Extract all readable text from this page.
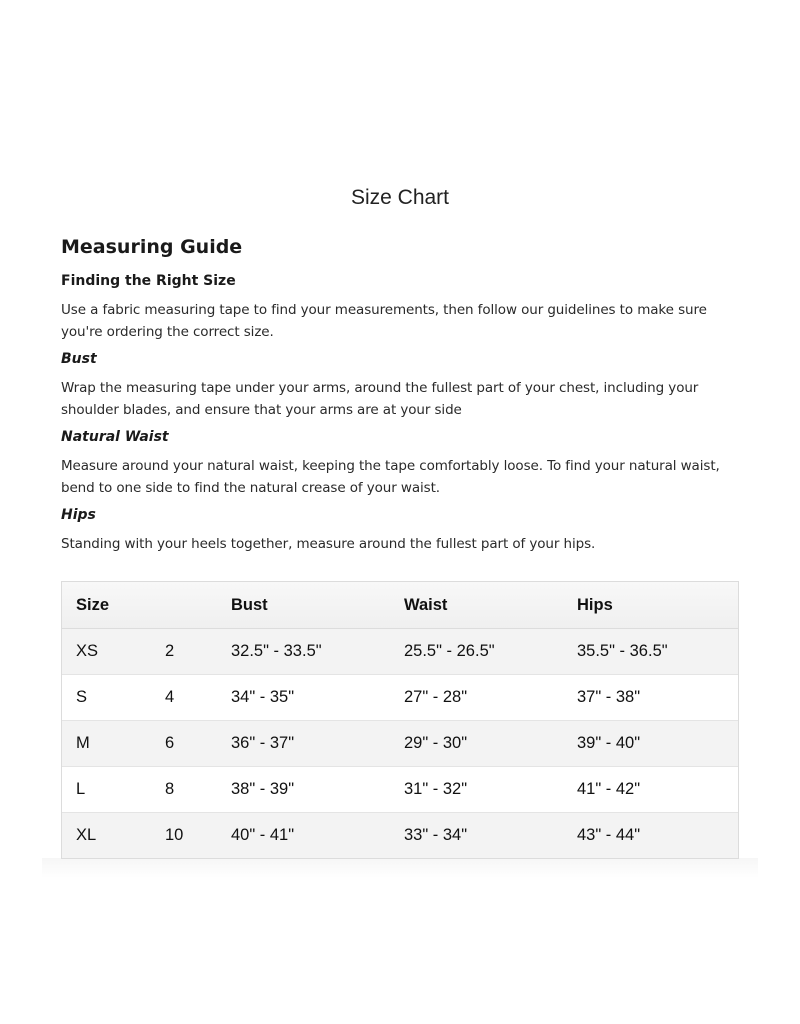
Size Chart
Measuring Guide
Finding the Right Size

Use a fabric measuring tape to find your measurements, then follow our guidelines to make sure you're ordering the correct size.

Bust

Wrap the measuring tape under your arms, around the fullest part of your chest, including your shoulder blades, and ensure that your arms are at your side

Natural Waist

Measure around your natural waist, keeping the tape comfortably loose. To find your natural waist, bend to one side to find the natural crease of your waist.

Hips

Standing with your heels together, measure around the fullest part of your hips.

Size		Bust	Waist	Hips
XS	2	32.5" - 33.5"	25.5" - 26.5"	35.5" - 36.5"
S	4	34" - 35"	27" - 28"	37" - 38"
M	6	36" - 37"	29" - 30"	39" - 40"
L	8	38" - 39"	31" - 32"	41" - 42"
XL	10	40" - 41"	33" - 34"	43" - 44"
